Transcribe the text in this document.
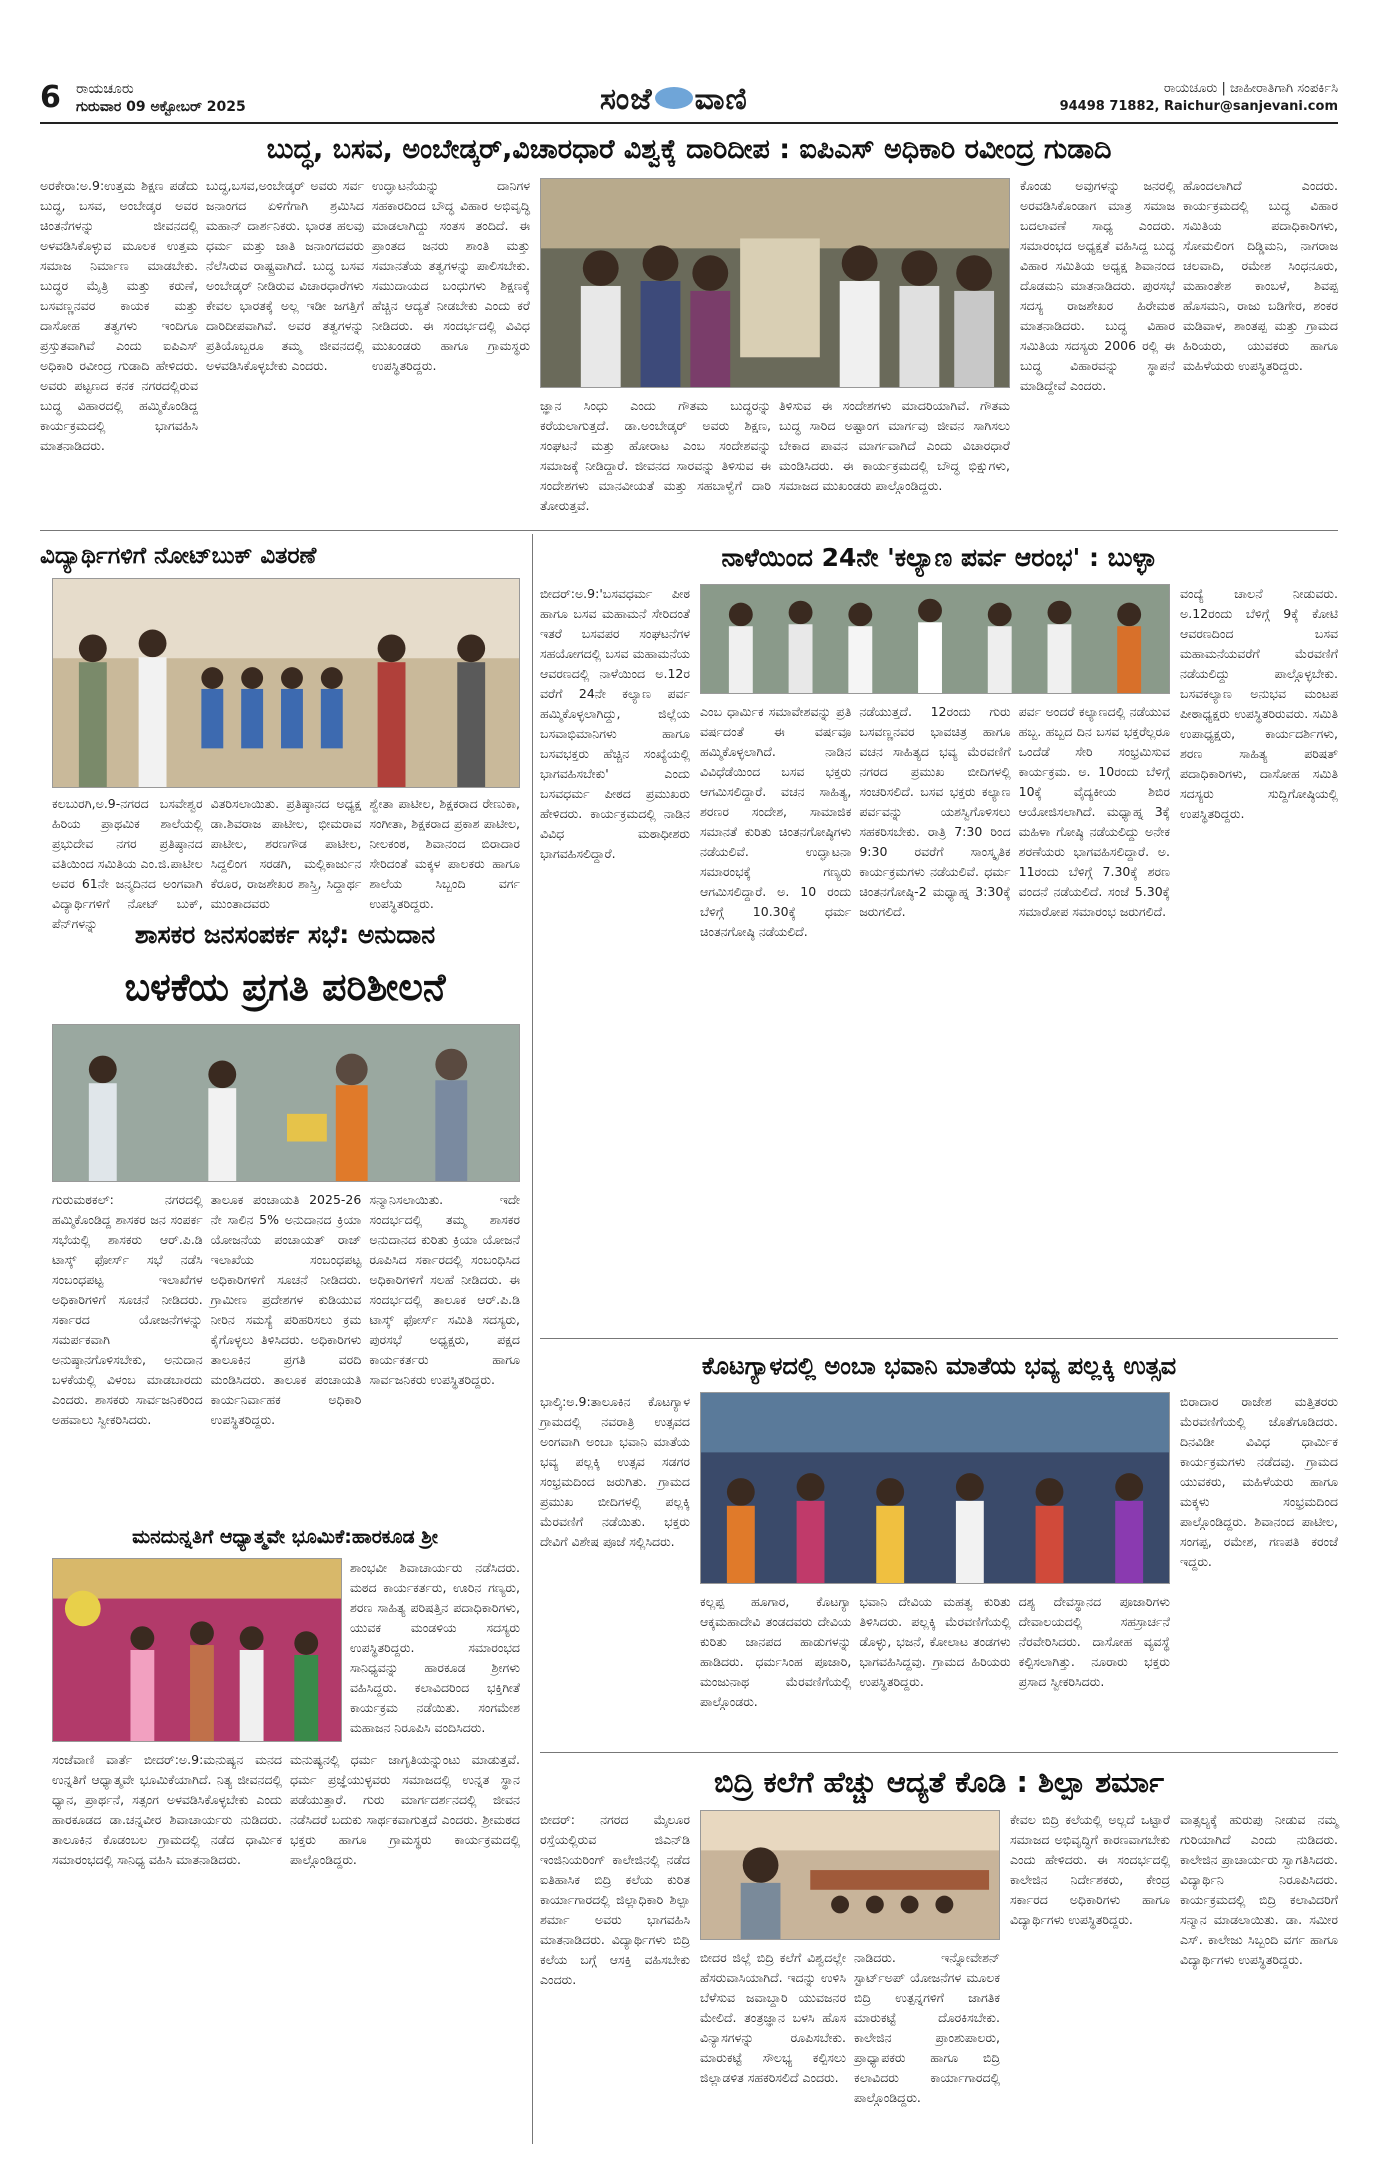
6 ರಾಯಚೂರು
ಗುರುವಾರ 09 ಅಕ್ಟೋಬರ್ 2025	ಸಂಜೆ ವಾಣಿ	ರಾಯಚೂರು | ಜಾಹೀರಾತಿಗಾಗಿ ಸಂಪರ್ಕಿಸಿ
94498 71882, Raichur@sanjevani.com
ಬುದ್ಧ, ಬಸವ, ಅಂಬೇಡ್ಕರ್,ವಿಚಾರಧಾರೆ ವಿಶ್ವಕ್ಕೆ ದಾರಿದೀಪ : ಐಪಿಎಸ್ ಅಧಿಕಾರಿ ರವೀಂದ್ರ ಗುಡಾದಿ
ಅರಕೇರಾ:ಅ.9:ಉತ್ತಮ ಶಿಕ್ಷಣ ಪಡೆದು ಬುದ್ಧ, ಬಸವ, ಅಂಬೇಡ್ಕರ ಅವರ ಚಿಂತನೆಗಳನ್ನು ಜೀವನದಲ್ಲಿ ಅಳವಡಿಸಿಕೊಳ್ಳುವ ಮೂಲಕ ಉತ್ತಮ ಸಮಾಜ ನಿರ್ಮಾಣ ಮಾಡಬೇಕು. ಬುದ್ಧರ ಮೈತ್ರಿ ಮತ್ತು ಕರುಣೆ, ಬಸವಣ್ಣನವರ ಕಾಯಕ ಮತ್ತು ದಾಸೋಹ ತತ್ವಗಳು ಇಂದಿಗೂ ಪ್ರಸ್ತುತವಾಗಿವೆ ಎಂದು ಐಪಿಎಸ್ ಅಧಿಕಾರಿ ರವೀಂದ್ರ ಗುಡಾದಿ ಹೇಳಿದರು. ಅವರು ಪಟ್ಟಣದ ಕನಕ ನಗರದಲ್ಲಿರುವ ಬುದ್ಧ ವಿಹಾರದಲ್ಲಿ ಹಮ್ಮಿಕೊಂಡಿದ್ದ ಕಾರ್ಯಕ್ರಮದಲ್ಲಿ ಭಾಗವಹಿಸಿ ಮಾತನಾಡಿದರು.
ಬುದ್ಧ,ಬಸವ,ಅಂಬೇಡ್ಕರ್ ಅವರು ಸರ್ವ ಜನಾಂಗದ ಏಳಿಗೆಗಾಗಿ ಶ್ರಮಿಸಿದ ಮಹಾನ್ ದಾರ್ಶನಿಕರು. ಭಾರತ ಹಲವು ಧರ್ಮ ಮತ್ತು ಜಾತಿ ಜನಾಂಗದವರು ನೆಲೆಸಿರುವ ರಾಷ್ಟ್ರವಾಗಿದೆ. ಬುದ್ಧ ಬಸವ ಅಂಬೇಡ್ಕರ್ ನೀಡಿರುವ ವಿಚಾರಧಾರೆಗಳು ಕೇವಲ ಭಾರತಕ್ಕೆ ಅಲ್ಲ ಇಡೀ ಜಗತ್ತಿಗೆ ದಾರಿದೀಪವಾಗಿವೆ. ಅವರ ತತ್ವಗಳನ್ನು ಪ್ರತಿಯೊಬ್ಬರೂ ತಮ್ಮ ಜೀವನದಲ್ಲಿ ಅಳವಡಿಸಿಕೊಳ್ಳಬೇಕು ಎಂದರು.
ಉದ್ಘಾಟನೆಯನ್ನು ದಾನಿಗಳ ಸಹಕಾರದಿಂದ ಬೌದ್ಧ ವಿಹಾರ ಅಭಿವೃದ್ಧಿ ಮಾಡಲಾಗಿದ್ದು ಸಂತಸ ತಂದಿದೆ. ಈ ಪ್ರಾಂತದ ಜನರು ಶಾಂತಿ ಮತ್ತು ಸಮಾನತೆಯ ತತ್ವಗಳನ್ನು ಪಾಲಿಸಬೇಕು. ಸಮುದಾಯದ ಬಂಧುಗಳು ಶಿಕ್ಷಣಕ್ಕೆ ಹೆಚ್ಚಿನ ಆದ್ಯತೆ ನೀಡಬೇಕು ಎಂದು ಕರೆ ನೀಡಿದರು. ಈ ಸಂದರ್ಭದಲ್ಲಿ ವಿವಿಧ ಮುಖಂಡರು ಹಾಗೂ ಗ್ರಾಮಸ್ಥರು ಉಪಸ್ಥಿತರಿದ್ದರು.
ಜ್ಞಾನ ಸಿಂಧು ಎಂದು ಗೌತಮ ಬುದ್ಧರನ್ನು ಕರೆಯಲಾಗುತ್ತದೆ. ಡಾ.ಅಂಬೇಡ್ಕರ್ ಅವರು ಶಿಕ್ಷಣ, ಸಂಘಟನೆ ಮತ್ತು ಹೋರಾಟ ಎಂಬ ಸಂದೇಶವನ್ನು ಸಮಾಜಕ್ಕೆ ನೀಡಿದ್ದಾರೆ. ಜೀವನದ ಸಾರವನ್ನು ತಿಳಿಸುವ ಈ ಸಂದೇಶಗಳು ಮಾನವೀಯತೆ ಮತ್ತು ಸಹಬಾಳ್ವೆಗೆ ದಾರಿ ತೋರುತ್ತವೆ.
ತಿಳಿಸುವ ಈ ಸಂದೇಶಗಳು ಮಾದರಿಯಾಗಿವೆ. ಗೌತಮ ಬುದ್ಧ ಸಾರಿದ ಅಷ್ಟಾಂಗ ಮಾರ್ಗವು ಜೀವನ ಸಾಗಿಸಲು ಬೇಕಾದ ಪಾವನ ಮಾರ್ಗವಾಗಿದೆ ಎಂದು ವಿಚಾರಧಾರೆ ಮಂಡಿಸಿದರು. ಈ ಕಾರ್ಯಕ್ರಮದಲ್ಲಿ ಬೌದ್ಧ ಭಿಕ್ಷುಗಳು, ಸಮಾಜದ ಮುಖಂಡರು ಪಾಲ್ಗೊಂಡಿದ್ದರು.
ಕೊಂಡು ಅವುಗಳನ್ನು ಜನರಲ್ಲಿ ಅರವಡಿಸಿಕೊಂಡಾಗ ಮಾತ್ರ ಸಮಾಜ ಬದಲಾವಣೆ ಸಾಧ್ಯ ಎಂದರು. ಸಮಾರಂಭದ ಅಧ್ಯಕ್ಷತೆ ವಹಿಸಿದ್ದ ಬುದ್ಧ ವಿಹಾರ ಸಮಿತಿಯ ಅಧ್ಯಕ್ಷ ಶಿವಾನಂದ ದೊಡಮನಿ ಮಾತನಾಡಿದರು. ಪುರಸಭೆ ಸದಸ್ಯ ರಾಜಶೇಖರ ಹಿರೇಮಠ ಮಾತನಾಡಿದರು. ಬುದ್ಧ ವಿಹಾರ ಸಮಿತಿಯ ಸದಸ್ಯರು 2006 ರಲ್ಲಿ ಈ ಬುದ್ಧ ವಿಹಾರವನ್ನು ಸ್ಥಾಪನೆ ಮಾಡಿದ್ದೇವೆ ಎಂದರು.
ಹೊಂದಲಾಗಿದೆ ಎಂದರು. ಕಾರ್ಯಕ್ರಮದಲ್ಲಿ ಬುದ್ಧ ವಿಹಾರ ಸಮಿತಿಯ ಪದಾಧಿಕಾರಿಗಳು, ಸೋಮಲಿಂಗ ದಿಡ್ಡಿಮನಿ, ನಾಗರಾಜ ಚಲವಾದಿ, ರಮೇಶ ಸಿಂಧನೂರು, ಮಹಾಂತೇಶ ಕಾಂಬಳೆ, ಶಿವಪ್ಪ ಹೊಸಮನಿ, ರಾಜು ಬಡಿಗೇರ, ಶಂಕರ ಮಡಿವಾಳ, ಶಾಂತಪ್ಪ ಮತ್ತು ಗ್ರಾಮದ ಹಿರಿಯರು, ಯುವಕರು ಹಾಗೂ ಮಹಿಳೆಯರು ಉಪಸ್ಥಿತರಿದ್ದರು.
ವಿದ್ಯಾರ್ಥಿಗಳಿಗೆ ನೋಟ್‌ಬುಕ್ ವಿತರಣೆ
ಕಲಬುರಗಿ,ಅ.9-ನಗರದ ಬಸವೇಶ್ವರ ಹಿರಿಯ ಪ್ರಾಥಮಿಕ ಶಾಲೆಯಲ್ಲಿ ಪ್ರಭುದೇವ ನಗರ ಪ್ರತಿಷ್ಠಾನದ ವತಿಯಿಂದ ಸಮಿತಿಯ ಎಂ.ಜಿ.ಪಾಟೀಲ ಅವರ 61ನೇ ಜನ್ಮದಿನದ ಅಂಗವಾಗಿ ವಿದ್ಯಾರ್ಥಿಗಳಿಗೆ ನೋಟ್ ಬುಕ್, ಪೆನ್‌ಗಳನ್ನು
ವಿತರಿಸಲಾಯಿತು. ಪ್ರತಿಷ್ಠಾನದ ಅಧ್ಯಕ್ಷ ಡಾ.ಶಿವರಾಜ ಪಾಟೀಲ, ಭೀಮರಾವ ಪಾಟೀಲ, ಶರಣಗೌಡ ಪಾಟೀಲ, ಸಿದ್ದಲಿಂಗ ಸರಡಗಿ, ಮಲ್ಲಿಕಾರ್ಜುನ ಕೆರೂರ, ರಾಜಶೇಖರ ಶಾಸ್ತ್ರಿ, ಸಿದ್ದಾರ್ಥ ಮುಂತಾದವರು
ಶ್ವೇತಾ ಪಾಟೀಲ, ಶಿಕ್ಷಕರಾದ ರೇಣುಕಾ, ಸಂಗೀತಾ, ಶಿಕ್ಷಕರಾದ ಪ್ರಕಾಶ ಪಾಟೀಲ, ನೀಲಕಂಠ, ಶಿವಾನಂದ ಬಿರಾದಾರ ಸೇರಿದಂತೆ ಮಕ್ಕಳ ಪಾಲಕರು ಹಾಗೂ ಶಾಲೆಯ ಸಿಬ್ಬಂದಿ ವರ್ಗ ಉಪಸ್ಥಿತರಿದ್ದರು.
ನಾಳೆಯಿಂದ 24ನೇ 'ಕಲ್ಯಾಣ ಪರ್ವ ಆರಂಭ' : ಬುಳ್ಳಾ
ಬೀದರ್:ಅ.9:'ಬಸವಧರ್ಮ ಪೀಠ ಹಾಗೂ ಬಸವ ಮಹಾಮನೆ ಸೇರಿದಂತೆ ಇತರೆ ಬಸವಪರ ಸಂಘಟನೆಗಳ ಸಹಯೋಗದಲ್ಲಿ ಬಸವ ಮಹಾಮನೆಯ ಆವರಣದಲ್ಲಿ ನಾಳೆಯಿಂದ ಅ.12ರ ವರೆಗೆ 24ನೇ ಕಲ್ಯಾಣ ಪರ್ವ ಹಮ್ಮಿಕೊಳ್ಳಲಾಗಿದ್ದು, ಜಿಲ್ಲೆಯ ಬಸವಾಭಿಮಾನಿಗಳು ಹಾಗೂ ಬಸವಭಕ್ತರು ಹೆಚ್ಚಿನ ಸಂಖ್ಯೆಯಲ್ಲಿ ಭಾಗವಹಿಸಬೇಕು' ಎಂದು ಬಸವಧರ್ಮ ಪೀಠದ ಪ್ರಮುಖರು ಹೇಳಿದರು. ಕಾರ್ಯಕ್ರಮದಲ್ಲಿ ನಾಡಿನ ವಿವಿಧ ಮಠಾಧೀಶರು ಭಾಗವಹಿಸಲಿದ್ದಾರೆ.
ಎಂಬ ಧಾರ್ಮಿಕ ಸಮಾವೇಶವನ್ನು ಪ್ರತಿ ವರ್ಷದಂತೆ ಈ ವರ್ಷವೂ ಹಮ್ಮಿಕೊಳ್ಳಲಾಗಿದೆ. ನಾಡಿನ ವಿವಿಧೆಡೆಯಿಂದ ಬಸವ ಭಕ್ತರು ಆಗಮಿಸಲಿದ್ದಾರೆ. ವಚನ ಸಾಹಿತ್ಯ, ಶರಣರ ಸಂದೇಶ, ಸಾಮಾಜಿಕ ಸಮಾನತೆ ಕುರಿತು ಚಿಂತನಗೋಷ್ಠಿಗಳು ನಡೆಯಲಿವೆ. ಉದ್ಘಾಟನಾ ಸಮಾರಂಭಕ್ಕೆ ಗಣ್ಯರು ಆಗಮಿಸಲಿದ್ದಾರೆ. ಅ. 10 ರಂದು ಬೆಳಿಗ್ಗೆ 10.30ಕ್ಕೆ ಧರ್ಮ ಚಿಂತನಗೋಷ್ಠಿ ನಡೆಯಲಿದೆ.
ನಡೆಯುತ್ತದೆ. 12ರಂದು ಗುರು ಬಸವಣ್ಣನವರ ಭಾವಚಿತ್ರ ಹಾಗೂ ವಚನ ಸಾಹಿತ್ಯದ ಭವ್ಯ ಮೆರವಣಿಗೆ ನಗರದ ಪ್ರಮುಖ ಬೀದಿಗಳಲ್ಲಿ ಸಂಚರಿಸಲಿದೆ. ಬಸವ ಭಕ್ತರು ಕಲ್ಯಾಣ ಪರ್ವವನ್ನು ಯಶಸ್ವಿಗೊಳಿಸಲು ಸಹಕರಿಸಬೇಕು. ರಾತ್ರಿ 7:30 ರಿಂದ 9:30 ರವರೆಗೆ ಸಾಂಸ್ಕೃತಿಕ ಕಾರ್ಯಕ್ರಮಗಳು ನಡೆಯಲಿವೆ. ಧರ್ಮ ಚಿಂತನಗೋಷ್ಠಿ-2 ಮಧ್ಯಾಹ್ನ 3:30ಕ್ಕೆ ಜರುಗಲಿದೆ.
ಪರ್ವ ಅಂದರೆ ಕಲ್ಯಾಣದಲ್ಲಿ ನಡೆಯುವ ಹಬ್ಬ. ಹಬ್ಬದ ದಿನ ಬಸವ ಭಕ್ತರೆಲ್ಲರೂ ಒಂದೆಡೆ ಸೇರಿ ಸಂಭ್ರಮಿಸುವ ಕಾರ್ಯಕ್ರಮ. ಅ. 10ರಂದು ಬೆಳಿಗ್ಗೆ 10ಕ್ಕೆ ವೈದ್ಯಕೀಯ ಶಿಬಿರ ಆಯೋಜಿಸಲಾಗಿದೆ. ಮಧ್ಯಾಹ್ನ 3ಕ್ಕೆ ಮಹಿಳಾ ಗೋಷ್ಠಿ ನಡೆಯಲಿದ್ದು ಅನೇಕ ಶರಣೆಯರು ಭಾಗವಹಿಸಲಿದ್ದಾರೆ. ಅ. 11ರಂದು ಬೆಳಿಗ್ಗೆ 7.30ಕ್ಕೆ ಶರಣ ವಂದನೆ ನಡೆಯಲಿದೆ. ಸಂಜೆ 5.30ಕ್ಕೆ ಸಮಾರೋಪ ಸಮಾರಂಭ ಜರುಗಲಿದೆ.
ವಂದ್ಯೆ ಚಾಲನೆ ನೀಡುವರು. ಅ.12ರಂದು ಬೆಳಿಗ್ಗೆ 9ಕ್ಕೆ ಕೋಟಿ ಆವರಣದಿಂದ ಬಸವ ಮಹಾಮನೆಯವರೆಗೆ ಮೆರವಣಿಗೆ ನಡೆಯಲಿದ್ದು ಪಾಲ್ಗೊಳ್ಳಬೇಕು. ಬಸವಕಲ್ಯಾಣ ಅನುಭವ ಮಂಟಪ ಪೀಠಾಧ್ಯಕ್ಷರು ಉಪಸ್ಥಿತರಿರುವರು. ಸಮಿತಿ ಉಪಾಧ್ಯಕ್ಷರು, ಕಾರ್ಯದರ್ಶಿಗಳು, ಶರಣ ಸಾಹಿತ್ಯ ಪರಿಷತ್ ಪದಾಧಿಕಾರಿಗಳು, ದಾಸೋಹ ಸಮಿತಿ ಸದಸ್ಯರು ಸುದ್ದಿಗೋಷ್ಠಿಯಲ್ಲಿ ಉಪಸ್ಥಿತರಿದ್ದರು.
ಶಾಸಕರ ಜನಸಂಪರ್ಕ ಸಭೆ: ಅನುದಾನ
ಬಳಕೆಯ ಪ್ರಗತಿ ಪರಿಶೀಲನೆ
ಗುರುಮಠಕಲ್: ನಗರದಲ್ಲಿ ಹಮ್ಮಿಕೊಂಡಿದ್ದ ಶಾಸಕರ ಜನ ಸಂಪರ್ಕ ಸಭೆಯಲ್ಲಿ ಶಾಸಕರು ಆರ್.ಪಿ.ಡಿ ಟಾಸ್ಕ್ ಫೋರ್ಸ್ ಸಭೆ ನಡೆಸಿ ಸಂಬಂಧಪಟ್ಟ ಇಲಾಖೆಗಳ ಅಧಿಕಾರಿಗಳಿಗೆ ಸೂಚನೆ ನೀಡಿದರು. ಸರ್ಕಾರದ ಯೋಜನೆಗಳನ್ನು ಸಮರ್ಪಕವಾಗಿ ಅನುಷ್ಠಾನಗೊಳಿಸಬೇಕು, ಅನುದಾನ ಬಳಕೆಯಲ್ಲಿ ವಿಳಂಬ ಮಾಡಬಾರದು ಎಂದರು. ಶಾಸಕರು ಸಾರ್ವಜನಿಕರಿಂದ ಅಹವಾಲು ಸ್ವೀಕರಿಸಿದರು.
ತಾಲೂಕ ಪಂಚಾಯತಿ 2025-26 ನೇ ಸಾಲಿನ 5% ಅನುದಾನದ ಕ್ರಿಯಾ ಯೋಜನೆಯ ಪಂಚಾಯತ್ ರಾಜ್ ಇಲಾಖೆಯ ಸಂಬಂಧಪಟ್ಟ ಅಧಿಕಾರಿಗಳಿಗೆ ಸೂಚನೆ ನೀಡಿದರು. ಗ್ರಾಮೀಣ ಪ್ರದೇಶಗಳ ಕುಡಿಯುವ ನೀರಿನ ಸಮಸ್ಯೆ ಪರಿಹರಿಸಲು ಕ್ರಮ ಕೈಗೊಳ್ಳಲು ತಿಳಿಸಿದರು. ಅಧಿಕಾರಿಗಳು ತಾಲೂಕಿನ ಪ್ರಗತಿ ವರದಿ ಮಂಡಿಸಿದರು. ತಾಲೂಕ ಪಂಚಾಯತಿ ಕಾರ್ಯನಿರ್ವಾಹಕ ಅಧಿಕಾರಿ ಉಪಸ್ಥಿತರಿದ್ದರು.
ಸನ್ಮಾನಿಸಲಾಯಿತು. ಇದೇ ಸಂದರ್ಭದಲ್ಲಿ ತಮ್ಮ ಶಾಸಕರ ಅನುದಾನದ ಕುರಿತು ಕ್ರಿಯಾ ಯೋಜನೆ ರೂಪಿಸಿದ ಸರ್ಕಾರದಲ್ಲಿ ಸಂಬಂಧಿಸಿದ ಅಧಿಕಾರಿಗಳಿಗೆ ಸಲಹೆ ನೀಡಿದರು. ಈ ಸಂದರ್ಭದಲ್ಲಿ ತಾಲೂಕ ಆರ್.ಪಿ.ಡಿ ಟಾಸ್ಕ್ ಫೋರ್ಸ್ ಸಮಿತಿ ಸದಸ್ಯರು, ಪುರಸಭೆ ಅಧ್ಯಕ್ಷರು, ಪಕ್ಷದ ಕಾರ್ಯಕರ್ತರು ಹಾಗೂ ಸಾರ್ವಜನಿಕರು ಉಪಸ್ಥಿತರಿದ್ದರು.
ಮನದುನ್ನತಿಗೆ ಆಧ್ಯಾತ್ಮವೇ ಭೂಮಿಕೆ:ಹಾರಕೂಡ ಶ್ರೀ
ಶಾಂಭವೀ ಶಿವಾಚಾರ್ಯರು ನಡೆಸಿದರು. ಮಠದ ಕಾರ್ಯಕರ್ತರು, ಊರಿನ ಗಣ್ಯರು, ಶರಣ ಸಾಹಿತ್ಯ ಪರಿಷತ್ತಿನ ಪದಾಧಿಕಾರಿಗಳು, ಯುವಕ ಮಂಡಳಿಯ ಸದಸ್ಯರು ಉಪಸ್ಥಿತರಿದ್ದರು. ಸಮಾರಂಭದ ಸಾನಿಧ್ಯವನ್ನು ಹಾರಕೂಡ ಶ್ರೀಗಳು ವಹಿಸಿದ್ದರು. ಕಲಾವಿದರಿಂದ ಭಕ್ತಿಗೀತೆ ಕಾರ್ಯಕ್ರಮ ನಡೆಯಿತು. ಸಂಗಮೇಶ ಮಹಾಜನ ನಿರೂಪಿಸಿ ವಂದಿಸಿದರು.
ಸಂಜೆವಾಣಿ ವಾರ್ತೆ ಬೀದರ್:ಅ.9:ಮನುಷ್ಯನ ಮನದ ಉನ್ನತಿಗೆ ಆಧ್ಯಾತ್ಮವೇ ಭೂಮಿಕೆಯಾಗಿದೆ. ನಿತ್ಯ ಜೀವನದಲ್ಲಿ ಧ್ಯಾನ, ಪ್ರಾರ್ಥನೆ, ಸತ್ಸಂಗ ಅಳವಡಿಸಿಕೊಳ್ಳಬೇಕು ಎಂದು ಹಾರಕೂಡದ ಡಾ.ಚನ್ನವೀರ ಶಿವಾಚಾರ್ಯರು ನುಡಿದರು. ತಾಲೂಕಿನ ಕೊಡಂಬಲ ಗ್ರಾಮದಲ್ಲಿ ನಡೆದ ಧಾರ್ಮಿಕ ಸಮಾರಂಭದಲ್ಲಿ ಸಾನಿಧ್ಯ ವಹಿಸಿ ಮಾತನಾಡಿದರು.
ಮನುಷ್ಯನಲ್ಲಿ ಧರ್ಮ ಜಾಗೃತಿಯನ್ನುಂಟು ಮಾಡುತ್ತವೆ. ಧರ್ಮ ಪ್ರಜ್ಞೆಯುಳ್ಳವರು ಸಮಾಜದಲ್ಲಿ ಉನ್ನತ ಸ್ಥಾನ ಪಡೆಯುತ್ತಾರೆ. ಗುರು ಮಾರ್ಗದರ್ಶನದಲ್ಲಿ ಜೀವನ ನಡೆಸಿದರೆ ಬದುಕು ಸಾರ್ಥಕವಾಗುತ್ತದೆ ಎಂದರು. ಶ್ರೀಮಠದ ಭಕ್ತರು ಹಾಗೂ ಗ್ರಾಮಸ್ಥರು ಕಾರ್ಯಕ್ರಮದಲ್ಲಿ ಪಾಲ್ಗೊಂಡಿದ್ದರು.
ಕೊಟಗ್ಯಾಳದಲ್ಲಿ ಅಂಬಾ ಭವಾನಿ ಮಾತೆಯ ಭವ್ಯ ಪಲ್ಲಕ್ಕಿ ಉತ್ಸವ
ಭಾಲ್ಕಿ:ಅ.9:ತಾಲೂಕಿನ ಕೊಟಗ್ಯಾಳ ಗ್ರಾಮದಲ್ಲಿ ನವರಾತ್ರಿ ಉತ್ಸವದ ಅಂಗವಾಗಿ ಅಂಬಾ ಭವಾನಿ ಮಾತೆಯ ಭವ್ಯ ಪಲ್ಲಕ್ಕಿ ಉತ್ಸವ ಸಡಗರ ಸಂಭ್ರಮದಿಂದ ಜರುಗಿತು. ಗ್ರಾಮದ ಪ್ರಮುಖ ಬೀದಿಗಳಲ್ಲಿ ಪಲ್ಲಕ್ಕಿ ಮೆರವಣಿಗೆ ನಡೆಯಿತು. ಭಕ್ತರು ದೇವಿಗೆ ವಿಶೇಷ ಪೂಜೆ ಸಲ್ಲಿಸಿದರು.
ಕಲ್ಲಪ್ಪ ಹೂಗಾರ, ಕೊಟಗ್ಯಾ ಆಕ್ಕಮಹಾದೇವಿ ತಂಡದವರು ದೇವಿಯ ಕುರಿತು ಜಾನಪದ ಹಾಡುಗಳನ್ನು ಹಾಡಿದರು. ಧರ್ಮಸಿಂಹ ಪೂಜಾರಿ, ಮಂಜುನಾಥ ಮೆರವಣಿಗೆಯಲ್ಲಿ ಪಾಲ್ಗೊಂಡರು.
ಭವಾನಿ ದೇವಿಯ ಮಹತ್ವ ಕುರಿತು ತಿಳಿಸಿದರು. ಪಲ್ಲಕ್ಕಿ ಮೆರವಣಿಗೆಯಲ್ಲಿ ಡೊಳ್ಳು, ಭಜನೆ, ಕೋಲಾಟ ತಂಡಗಳು ಭಾಗವಹಿಸಿದ್ದವು. ಗ್ರಾಮದ ಹಿರಿಯರು ಉಪಸ್ಥಿತರಿದ್ದರು.
ದಶ್ಯ ದೇವಸ್ಥಾನದ ಪೂಜಾರಿಗಳು ದೇವಾಲಯದಲ್ಲಿ ಸಹಸ್ರಾರ್ಚನೆ ನೆರವೇರಿಸಿದರು. ದಾಸೋಹ ವ್ಯವಸ್ಥೆ ಕಲ್ಪಿಸಲಾಗಿತ್ತು. ನೂರಾರು ಭಕ್ತರು ಪ್ರಸಾದ ಸ್ವೀಕರಿಸಿದರು.
ಬಿರಾದಾರ ರಾಜೇಶ ಮತ್ತಿತರರು ಮೆರವಣಿಗೆಯಲ್ಲಿ ಜೊತೆಗೂಡಿದರು. ದಿನವಿಡೀ ವಿವಿಧ ಧಾರ್ಮಿಕ ಕಾರ್ಯಕ್ರಮಗಳು ನಡೆದವು. ಗ್ರಾಮದ ಯುವಕರು, ಮಹಿಳೆಯರು ಹಾಗೂ ಮಕ್ಕಳು ಸಂಭ್ರಮದಿಂದ ಪಾಲ್ಗೊಂಡಿದ್ದರು. ಶಿವಾನಂದ ಪಾಟೀಲ, ಸಂಗಪ್ಪ, ರಮೇಶ, ಗಣಪತಿ ಕರಂಜೆ ಇದ್ದರು.
ಬಿದ್ರಿ ಕಲೆಗೆ ಹೆಚ್ಚು ಆದ್ಯತೆ ಕೊಡಿ : ಶಿಲ್ಪಾ ಶರ್ಮಾ
ಬೀದರ್: ನಗರದ ಮೈಲೂರ ರಸ್ತೆಯಲ್ಲಿರುವ ಜಿಎನ್‌ಡಿ ಇಂಜಿನಿಯರಿಂಗ್ ಕಾಲೇಜಿನಲ್ಲಿ ನಡೆದ ಐತಿಹಾಸಿಕ ಬಿದ್ರಿ ಕಲೆಯ ಕುರಿತ ಕಾರ್ಯಾಗಾರದಲ್ಲಿ ಜಿಲ್ಲಾಧಿಕಾರಿ ಶಿಲ್ಪಾ ಶರ್ಮಾ ಅವರು ಭಾಗವಹಿಸಿ ಮಾತನಾಡಿದರು. ವಿದ್ಯಾರ್ಥಿಗಳು ಬಿದ್ರಿ ಕಲೆಯ ಬಗ್ಗೆ ಆಸಕ್ತಿ ವಹಿಸಬೇಕು ಎಂದರು.
ಬೀದರ ಜಿಲ್ಲೆ ಬಿದ್ರಿ ಕಲೆಗೆ ವಿಶ್ವದಲ್ಲೇ ಹೆಸರುವಾಸಿಯಾಗಿದೆ. ಇದನ್ನು ಉಳಿಸಿ ಬೆಳೆಸುವ ಜವಾಬ್ದಾರಿ ಯುವಜನರ ಮೇಲಿದೆ. ತಂತ್ರಜ್ಞಾನ ಬಳಸಿ ಹೊಸ ವಿನ್ಯಾಸಗಳನ್ನು ರೂಪಿಸಬೇಕು. ಮಾರುಕಟ್ಟೆ ಸೌಲಭ್ಯ ಕಲ್ಪಿಸಲು ಜಿಲ್ಲಾಡಳಿತ ಸಹಕರಿಸಲಿದೆ ಎಂದರು.
ನಾಡಿದರು. ಇನ್ನೋವೇಶನ್ ಸ್ಟಾರ್ಟ್‌ಅಪ್ ಯೋಜನೆಗಳ ಮೂಲಕ ಬಿದ್ರಿ ಉತ್ಪನ್ನಗಳಿಗೆ ಜಾಗತಿಕ ಮಾರುಕಟ್ಟೆ ದೊರಕಿಸಬೇಕು. ಕಾಲೇಜಿನ ಪ್ರಾಂಶುಪಾಲರು, ಪ್ರಾಧ್ಯಾಪಕರು ಹಾಗೂ ಬಿದ್ರಿ ಕಲಾವಿದರು ಕಾರ್ಯಾಗಾರದಲ್ಲಿ ಪಾಲ್ಗೊಂಡಿದ್ದರು.
ಕೇವಲ ಬಿದ್ರಿ ಕಲೆಯಲ್ಲಿ ಅಲ್ಲದೆ ಒಟ್ಟಾರೆ ಸಮಾಜದ ಅಭಿವೃದ್ಧಿಗೆ ಕಾರಣವಾಗಬೇಕು ಎಂದು ಹೇಳಿದರು. ಈ ಸಂದರ್ಭದಲ್ಲಿ ಕಾಲೇಜಿನ ನಿರ್ದೇಶಕರು, ಕೇಂದ್ರ ಸರ್ಕಾರದ ಅಧಿಕಾರಿಗಳು ಹಾಗೂ ವಿದ್ಯಾರ್ಥಿಗಳು ಉಪಸ್ಥಿತರಿದ್ದರು.
ವಾತ್ಸಲ್ಯಕ್ಕೆ ಹುರುಪು ನೀಡುವ ನಮ್ಮ ಗುರಿಯಾಗಿದೆ ಎಂದು ನುಡಿದರು. ಕಾಲೇಜಿನ ಪ್ರಾಚಾರ್ಯರು ಸ್ವಾಗತಿಸಿದರು. ವಿದ್ಯಾರ್ಥಿನಿ ನಿರೂಪಿಸಿದರು. ಕಾರ್ಯಕ್ರಮದಲ್ಲಿ ಬಿದ್ರಿ ಕಲಾವಿದರಿಗೆ ಸನ್ಮಾನ ಮಾಡಲಾಯಿತು. ಡಾ. ಸಮೀರ ಎಸ್. ಕಾಲೇಜು ಸಿಬ್ಬಂದಿ ವರ್ಗ ಹಾಗೂ ವಿದ್ಯಾರ್ಥಿಗಳು ಉಪಸ್ಥಿತರಿದ್ದರು.
